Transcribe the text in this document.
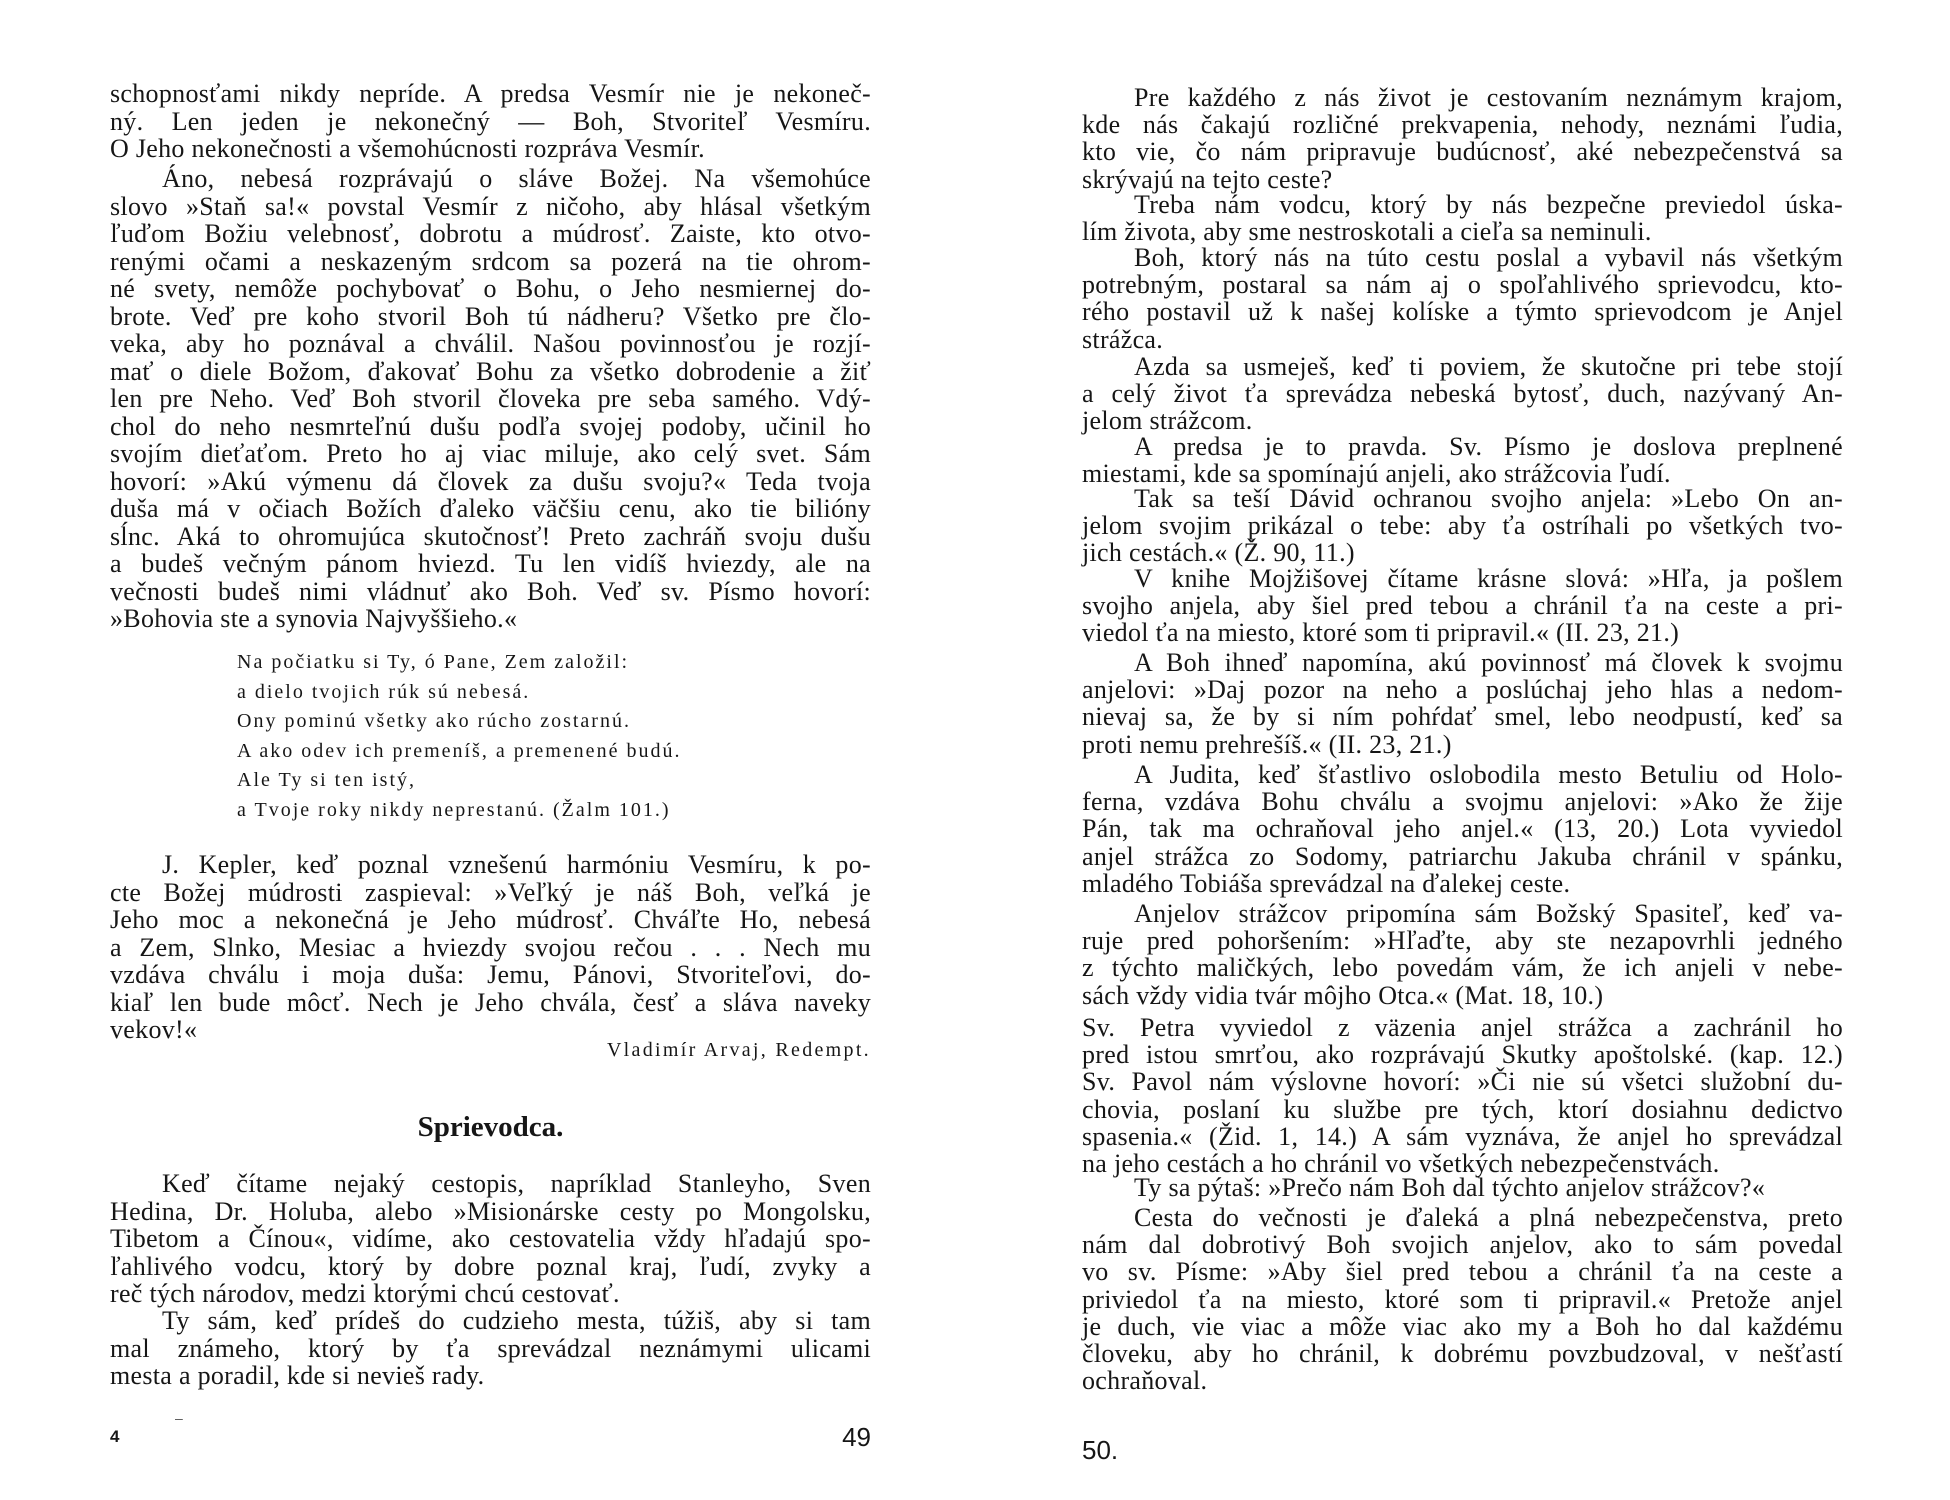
schopnosťami nikdy nepríde. A predsa Vesmír nie je nekoneč-
ný. Len jeden je nekonečný — Boh, Stvoriteľ Vesmíru.
O Jeho nekonečnosti a všemohúcnosti rozpráva Vesmír.
Áno, nebesá rozprávajú o sláve Božej. Na všemohúce
slovo »Staň sa!« povstal Vesmír z ničoho, aby hlásal všetkým
ľuďom Božiu velebnosť, dobrotu a múdrosť. Zaiste, kto otvo-
renými očami a neskazeným srdcom sa pozerá na tie ohrom-
né svety, nemôže pochybovať o Bohu, o Jeho nesmiernej do-
brote. Veď pre koho stvoril Boh tú nádheru? Všetko pre člo-
veka, aby ho poznával a chválil. Našou povinnosťou je rozjí-
mať o diele Božom, ďakovať Bohu za všetko dobrodenie a žiť
len pre Neho. Veď Boh stvoril človeka pre seba samého. Vdý-
chol do neho nesmrteľnú dušu podľa svojej podoby, učinil ho
svojím dieťaťom. Preto ho aj viac miluje, ako celý svet. Sám
hovorí: »Akú výmenu dá človek za dušu svoju?« Teda tvoja
duša má v očiach Božích ďaleko väčšiu cenu, ako tie bilióny
sĺnc. Aká to ohromujúca skutočnosť! Preto zachráň svoju dušu
a budeš večným pánom hviezd. Tu len vidíš hviezdy, ale na
večnosti budeš nimi vládnuť ako Boh. Veď sv. Písmo hovorí:
»Bohovia ste a synovia Najvyššieho.«
Na počiatku si Ty, ó Pane, Zem založil:
a dielo tvojich rúk sú nebesá.
Ony pominú všetky ako rúcho zostarnú.
A ako odev ich premeníš, a premenené budú.
Ale Ty si ten istý,
a Tvoje roky nikdy neprestanú. (Žalm 101.)
J. Kepler, keď poznal vznešenú harmóniu Vesmíru, k po-
cte Božej múdrosti zaspieval: »Veľký je náš Boh, veľká je
Jeho moc a nekonečná je Jeho múdrosť. Chváľte Ho, nebesá
a Zem, Slnko, Mesiac a hviezdy svojou rečou . . . Nech mu
vzdáva chválu i moja duša: Jemu, Pánovi, Stvoriteľovi, do-
kiaľ len bude môcť. Nech je Jeho chvála, česť a sláva naveky
vekov!«
Vladimír Arvaj, Redempt.
Sprievodca.
Keď čítame nejaký cestopis, napríklad Stanleyho, Sven
Hedina, Dr. Holuba, alebo »Misionárske cesty po Mongolsku,
Tibetom a Čínou«, vidíme, ako cestovatelia vždy hľadajú spo-
ľahlivého vodcu, ktorý by dobre poznal kraj, ľudí, zvyky a
reč tých národov, medzi ktorými chcú cestovať.
Ty sám, keď prídeš do cudzieho mesta, túžiš, aby si tam
mal známeho, ktorý by ťa sprevádzal neznámymi ulicami
mesta a poradil, kde si nevieš rady.
4
–
49
Pre každého z nás život je cestovaním neznámym krajom,
kde nás čakajú rozličné prekvapenia, nehody, neznámi ľudia,
kto vie, čo nám pripravuje budúcnosť, aké nebezpečenstvá sa
skrývajú na tejto ceste?
Treba nám vodcu, ktorý by nás bezpečne previedol úska-
lím života, aby sme nestroskotali a cieľa sa neminuli.
Boh, ktorý nás na túto cestu poslal a vybavil nás všetkým
potrebným, postaral sa nám aj o spoľahlivého sprievodcu, kto-
rého postavil už k našej kolíske a týmto sprievodcom je Anjel
strážca.
Azda sa usmeješ, keď ti poviem, že skutočne pri tebe stojí
a celý život ťa sprevádza nebeská bytosť, duch, nazývaný An-
jelom strážcom.
A predsa je to pravda. Sv. Písmo je doslova preplnené
miestami, kde sa spomínajú anjeli, ako strážcovia ľudí.
Tak sa teší Dávid ochranou svojho anjela: »Lebo On an-
jelom svojim prikázal o tebe: aby ťa ostríhali po všetkých tvo-
jich cestách.« (Ž. 90, 11.)
V knihe Mojžišovej čítame krásne slová: »Hľa, ja pošlem
svojho anjela, aby šiel pred tebou a chránil ťa na ceste a pri-
viedol ťa na miesto, ktoré som ti pripravil.« (II. 23, 21.)
A Boh ihneď napomína, akú povinnosť má človek k svojmu
anjelovi: »Daj pozor na neho a poslúchaj jeho hlas a nedom-
nievaj sa, že by si ním pohŕdať smel, lebo neodpustí, keď sa
proti nemu prehrešíš.« (II. 23, 21.)
A Judita, keď šťastlivo oslobodila mesto Betuliu od Holo-
ferna, vzdáva Bohu chválu a svojmu anjelovi: »Ako že žije
Pán, tak ma ochraňoval jeho anjel.« (13, 20.) Lota vyviedol
anjel strážca zo Sodomy, patriarchu Jakuba chránil v spánku,
mladého Tobiáša sprevádzal na ďalekej ceste.
Anjelov strážcov pripomína sám Božský Spasiteľ, keď va-
ruje pred pohoršením: »Hľaďte, aby ste nezapovrhli jedného
z týchto maličkých, lebo povedám vám, že ich anjeli v nebe-
sách vždy vidia tvár môjho Otca.« (Mat. 18, 10.)
Sv. Petra vyviedol z väzenia anjel strážca a zachránil ho
pred istou smrťou, ako rozprávajú Skutky apoštolské. (kap. 12.)
Sv. Pavol nám výslovne hovorí: »Či nie sú všetci služobní du-
chovia, poslaní ku službe pre tých, ktorí dosiahnu dedictvo
spasenia.« (Žid. 1, 14.) A sám vyznáva, že anjel ho sprevádzal
na jeho cestách a ho chránil vo všetkých nebezpečenstvách.
Ty sa pýtaš: »Prečo nám Boh dal týchto anjelov strážcov?«
Cesta do večnosti je ďaleká a plná nebezpečenstva, preto
nám dal dobrotivý Boh svojich anjelov, ako to sám povedal
vo sv. Písme: »Aby šiel pred tebou a chránil ťa na ceste a
priviedol ťa na miesto, ktoré som ti pripravil.« Pretože anjel
je duch, vie viac a môže viac ako my a Boh ho dal každému
človeku, aby ho chránil, k dobrému povzbudzoval, v nešťastí
ochraňoval.
50.
